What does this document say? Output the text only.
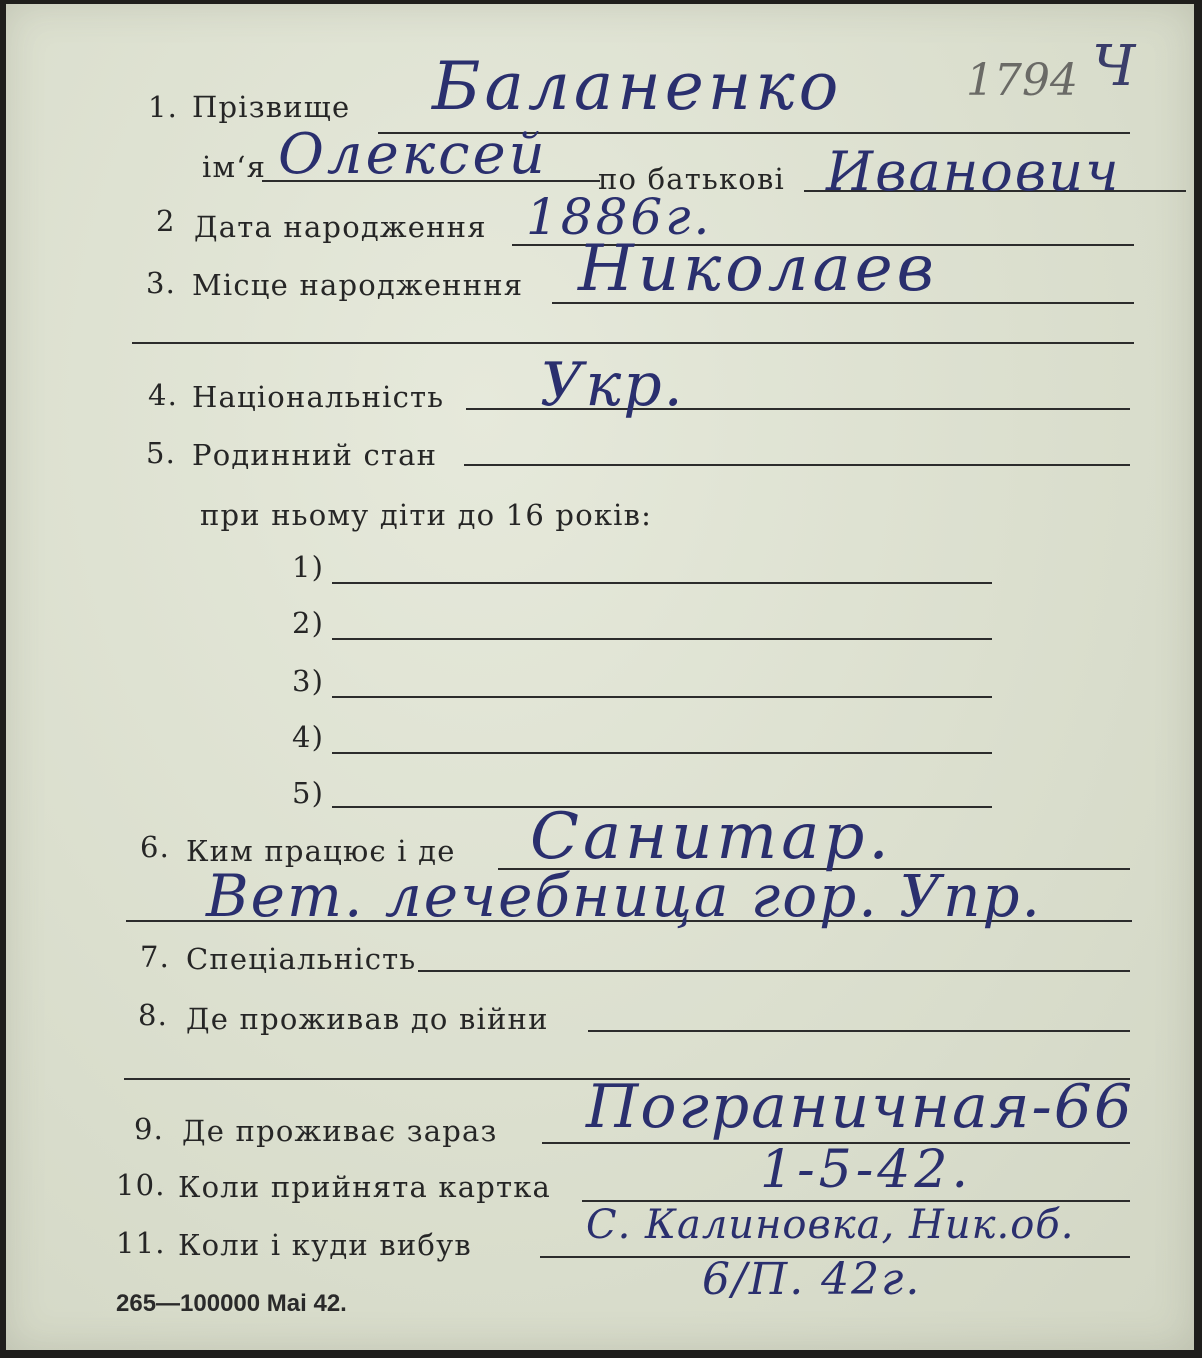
1794 Ч
1. Прізвище Баланенко
ім‘я Олексей по батькові Иванович
2 Дата народження 1886г.
3. Місце народженння Николаев
4. Національність Укр.
5. Родинний стан
при ньому діти до 16 років:
1)
2)
3)
4)
5)
6. Ким працює і де Санитар.
Вет. лечебница гор. Упр.
7. Спеціальність
8. Де проживав до війни
9. Де проживає зараз Пограничная-66
10. Коли прийнята картка	1-5-42.
11. Коли і куди вибув	С. Калиновка, Ник.об.
6/П. 42г.
265—100000 Mai 42.
